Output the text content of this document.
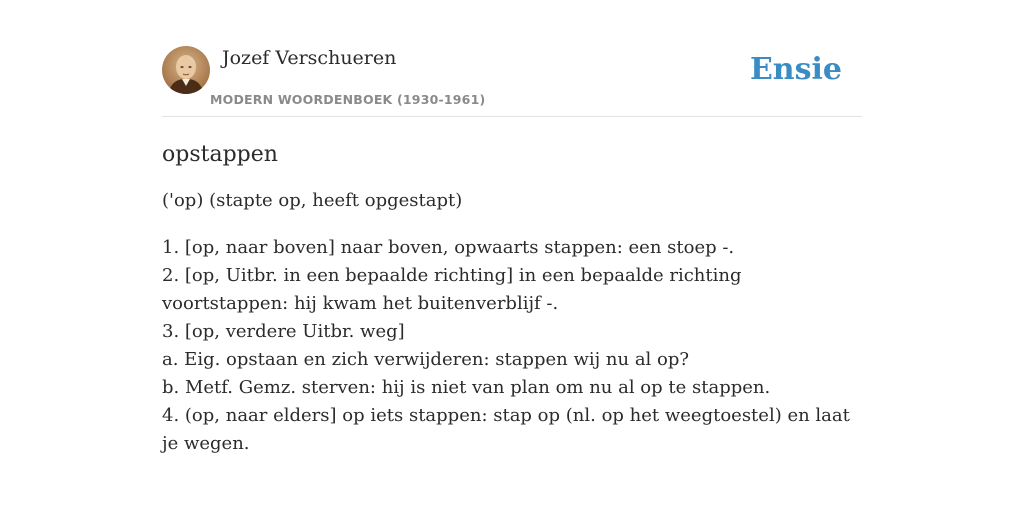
Jozef Verschueren
MODERN WOORDENBOEK (1930-1961)
Ensie
opstappen

('op) (stapte op, heeft opgestapt)

1. [op, naar boven] naar boven, opwaarts stappen: een stoep -.
2. [op, Uitbr. in een bepaalde richting] in een bepaalde richting voortstappen: hij kwam het buitenverblijf -.
3. [op, verdere Uitbr. weg]
a. Eig. opstaan en zich verwijderen: stappen wij nu al op?
b. Metf. Gemz. sterven: hij is niet van plan om nu al op te stappen.
4. (op, naar elders] op iets stappen: stap op (nl. op het weegtoestel) en laat je wegen.
